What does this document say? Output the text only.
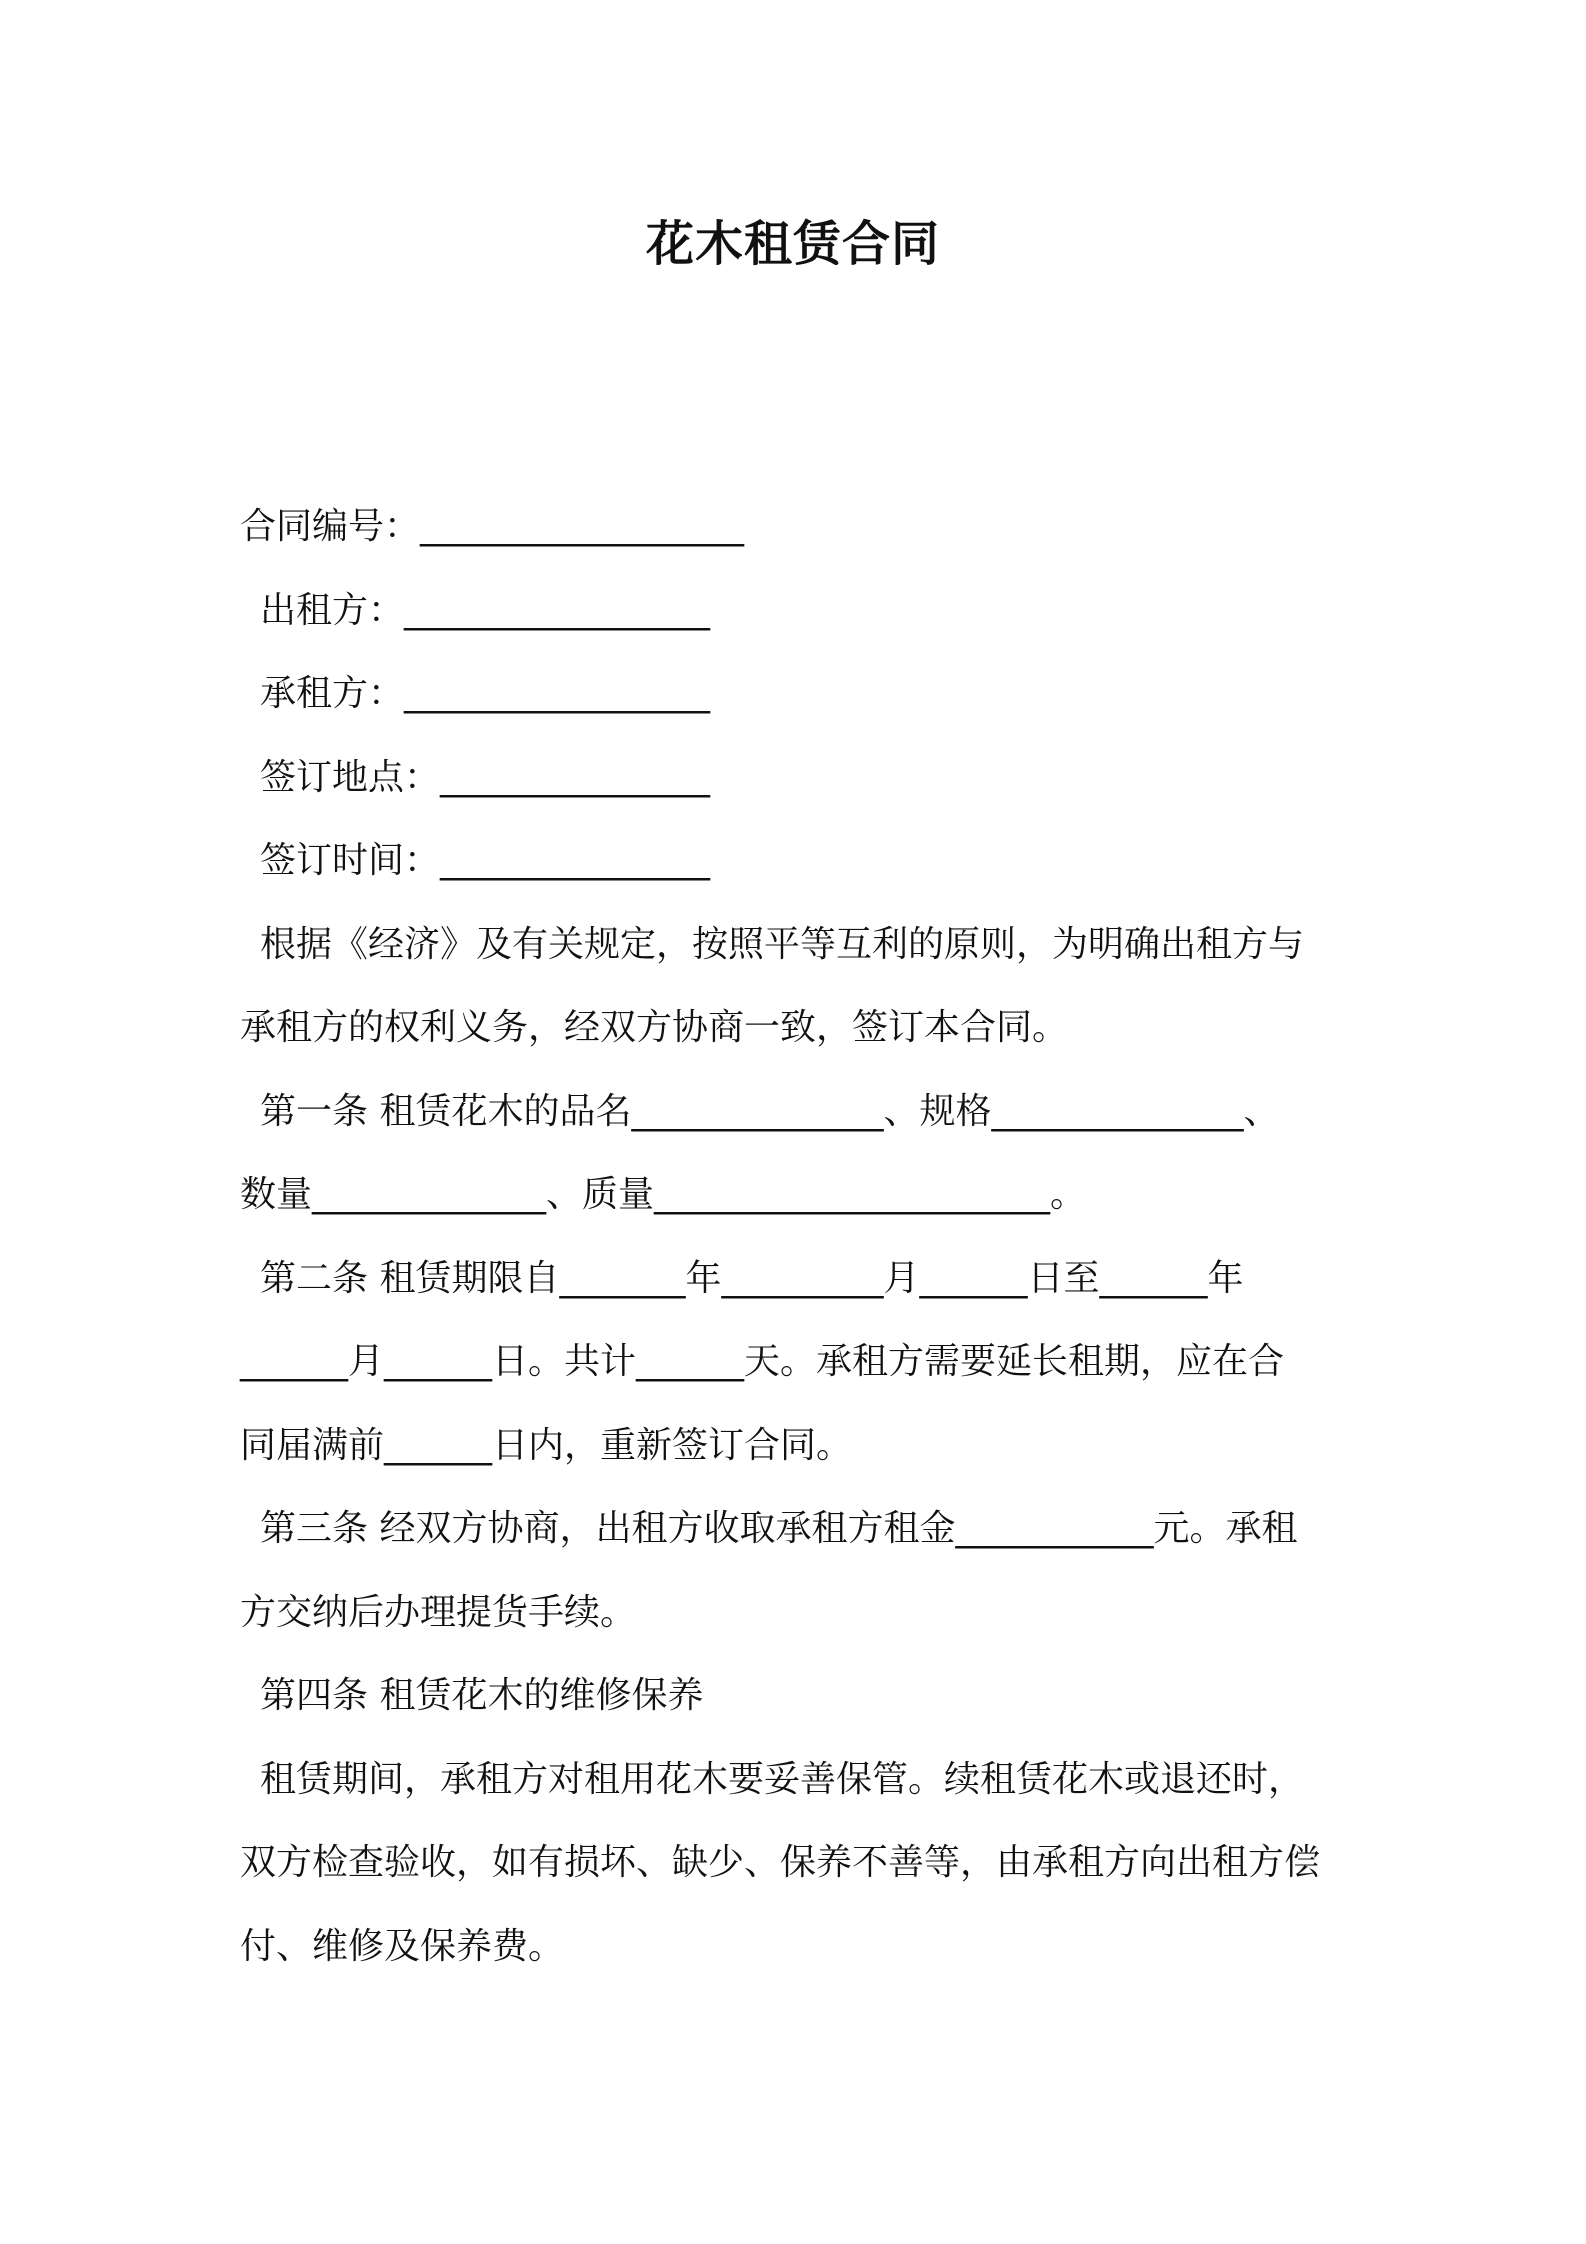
花木租赁合同
合同编号：__________________
出租方：_________________
承租方：_________________
签订地点：_______________
签订时间：_______________
根据《经济》及有关规定，按照平等互利的原则，为明确出租方与
承租方的权利义务，经双方协商一致，签订本合同。
第一条 租赁花木的品名______________、规格______________、
数量_____________、质量______________________。
第二条 租赁期限自_______年_________月______日至______年
______月______日。共计______天。承租方需要延长租期，应在合
同届满前______日内，重新签订合同。
第三条 经双方协商，出租方收取承租方租金___________元。承租
方交纳后办理提货手续。
第四条 租赁花木的维修保养
租赁期间，承租方对租用花木要妥善保管。续租赁花木或退还时，
双方检查验收，如有损坏、缺少、保养不善等，由承租方向出租方偿
付、维修及保养费。
